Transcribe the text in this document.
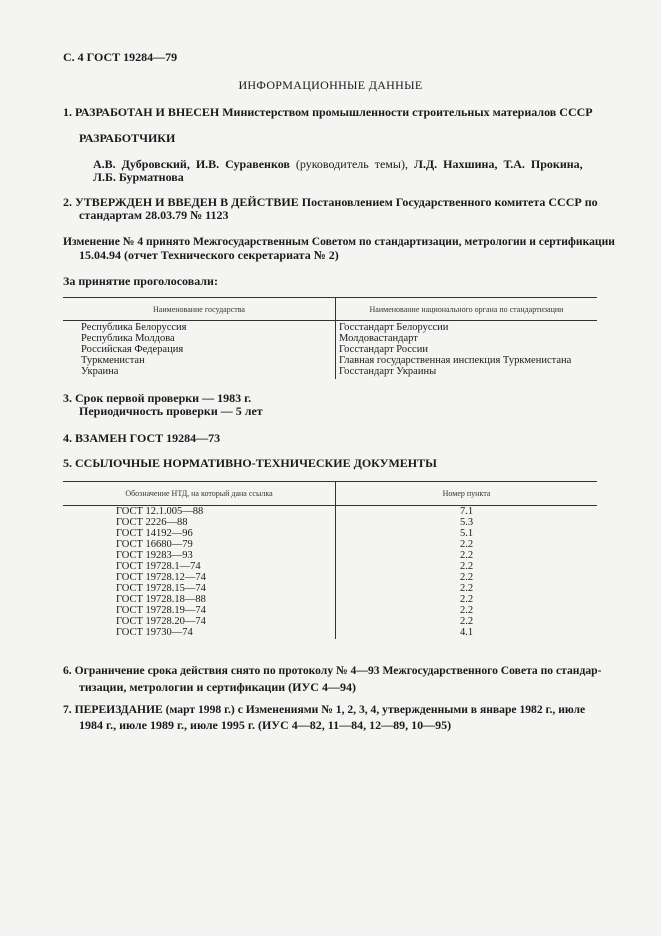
С. 4 ГОСТ 19284—79
ИНФОРМАЦИОННЫЕ ДАННЫЕ
1. РАЗРАБОТАН И ВНЕСЕН Министерством промышленности строительных материалов СССР
РАЗРАБОТЧИКИ
А.В. Дубровский, И.В. Суравенков (руководитель темы), Л.Д. Нахшина, Т.А. Прокина,
Л.Б. Бурматнова
2. УТВЕРЖДЕН И ВВЕДЕН В ДЕЙСТВИЕ Постановлением Государственного комитета СССР по
стандартам 28.03.79 № 1123
Изменение № 4 принято Межгосударственным Советом по стандартизации, метрологии и сертификации
15.04.94 (отчет Технического секретариата № 2)
За принятие проголосовали:
Наименование государства	Наименование национального органа по стандартизации
Республика Белоруссия	Госстандарт Белоруссии
Республика Молдова	Молдовастандарт
Российская Федерация	Госстандарт России
Туркменистан	Главная государственная инспекция Туркменистана
Украина	Госстандарт Украины
3. Срок первой проверки — 1983 г.
Периодичность проверки — 5 лет
4. ВЗАМЕН ГОСТ 19284—73
5. ССЫЛОЧНЫЕ НОРМАТИВНО-ТЕХНИЧЕСКИЕ ДОКУМЕНТЫ
Обозначение НТД, на который дана ссылка	Номер пункта
ГОСТ 12.1.005—88	7.1
ГОСТ 2226—88	5.3
ГОСТ 14192—96	5.1
ГОСТ 16680—79	2.2
ГОСТ 19283—93	2.2
ГОСТ 19728.1—74	2.2
ГОСТ 19728.12—74	2.2
ГОСТ 19728.15—74	2.2
ГОСТ 19728.18—88	2.2
ГОСТ 19728.19—74	2.2
ГОСТ 19728.20—74	2.2
ГОСТ 19730—74	4.1
6. Ограничение срока действия снято по протоколу № 4—93 Межгосударственного Совета по стандар-
тизации, метрологии и сертификации (ИУС 4—94)
7. ПЕРЕИЗДАНИЕ (март 1998 г.) с Изменениями № 1, 2, 3, 4, утвержденными в январе 1982 г., июле
1984 г., июле 1989 г., июле 1995 г. (ИУС 4—82, 11—84, 12—89, 10—95)
